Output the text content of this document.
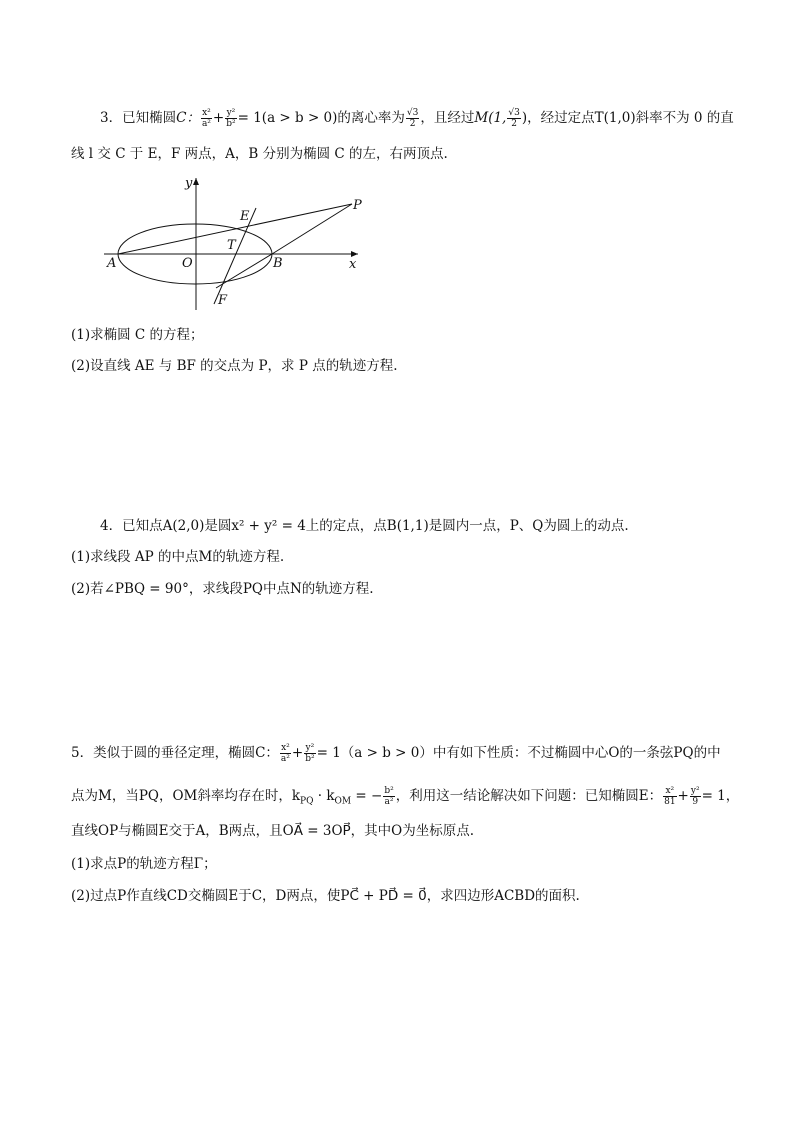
3．已知椭圆C： $\frac{\text{x²}}{\text{a²}} + \frac{\text{y²}}{\text{b²}} = 1(a > b > 0)$的离心率为 $\frac{√3}{2}$ ，且经过M(1, $\frac{√3}{2}$ )，经过定点T(1,0)斜率不为 0 的直
线 l 交 C 于 E，F 两点，A，B 分别为椭圆 C 的左，右两顶点.
y
x
E
P
T
A	O	B
F
(1)求椭圆 C 的方程；
(2)设直线 AE 与 BF 的交点为 P，求 P 点的轨迹方程.
4．已知点A(2,0)是圆x² + y² = 4上的定点，点B(1,1)是圆内一点，P、Q为圆上的动点.
(1)求线段 AP 的中点M的轨迹方程.
(2)若∠PBQ = 90°，求线段PQ中点N的轨迹方程.
5．类似于圆的垂径定理，椭圆C： $\frac{\text{x²}}{\text{a²}} + \frac{\text{y²}}{\text{b²}} = 1(a > b > 0)$中有如下性质：不过椭圆中心O的一条弦PQ的中
点为M，当PQ，OM斜率均存在时，$k_{PQ} \cdot k_{OM}$ = − $\frac{\text{b²}}{\text{a²}}$ ，利用这一结论解决如下问题：已知椭圆E： $\frac{\text{x²}}{81} + \frac{\text{y²}}{9} = 1$，
直线OP与椭圆E交于A，B两点，且OA⃗ = 3OP⃗，其中O为坐标原点.
(1)求点P的轨迹方程Γ；
(2)过点P作直线CD交椭圆E于C，D两点，使PC⃗ + PD⃗ = 0⃗，求四边形ACBD的面积.
